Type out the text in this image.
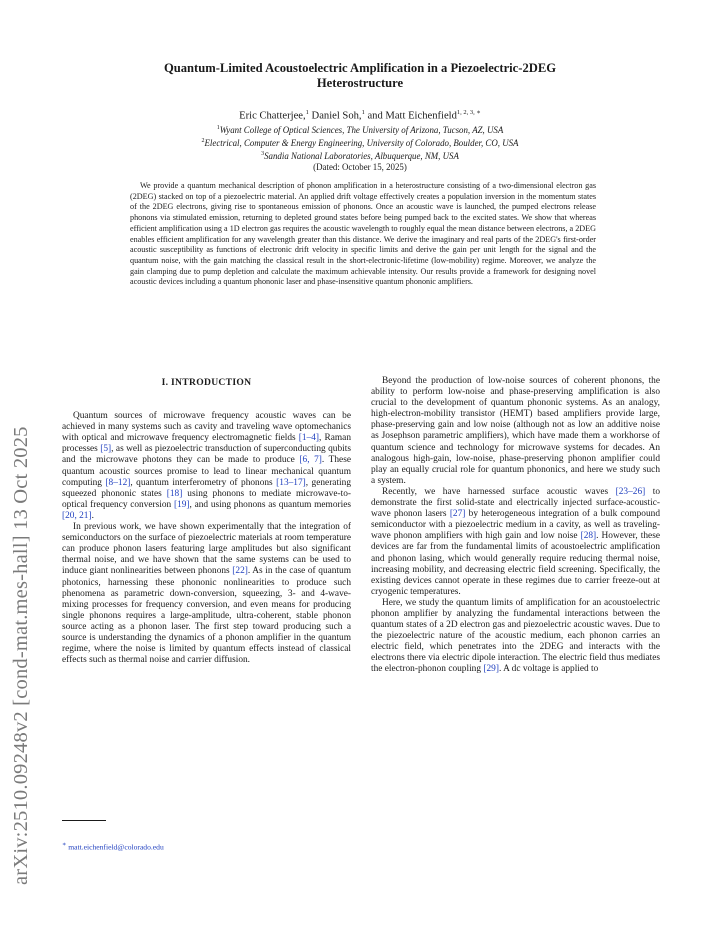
arXiv:2510.09248v2 [cond-mat.mes-hall] 13 Oct 2025
Quantum-Limited Acoustoelectric Amplification in a Piezoelectric-2DEG
Heterostructure
Eric Chatterjee,$^1$ Daniel Soh,$^1$ and Matt Eichenfield$^{1, 2, 3, ∗}$
$^1$Wyant College of Optical Sciences, The University of Arizona, Tucson, AZ, USA
$^2$Electrical, Computer & Energy Engineering, University of Colorado, Boulder, CO, USA
$^3$Sandia National Laboratories, Albuquerque, NM, USA
(Dated: October 15, 2025)

We provide a quantum mechanical description of phonon amplification in a heterostructure consisting of a two-dimensional electron gas (2DEG) stacked on top of a piezoelectric material. An applied drift voltage effectively creates a population inversion in the momentum states of the 2DEG electrons, giving rise to spontaneous emission of phonons. Once an acoustic wave is launched, the pumped electrons release phonons via stimulated emission, returning to depleted ground states before being pumped back to the excited states. We show that whereas efficient amplification using a 1D electron gas requires the acoustic wavelength to roughly equal the mean distance between electrons, a 2DEG enables efficient amplification for any wavelength greater than this distance. We derive the imaginary and real parts of the 2DEG's first-order acoustic susceptibility as functions of electronic drift velocity in specific limits and derive the gain per unit length for the signal and the quantum noise, with the gain matching the classical result in the short-electronic-lifetime (low-mobility) regime. Moreover, we analyze the gain clamping due to pump depletion and calculate the maximum achievable intensity. Our results provide a framework for designing novel acoustic devices including a quantum phononic laser and phase-insensitive quantum phononic amplifiers.

I. INTRODUCTION

Quantum sources of microwave frequency acoustic waves can be achieved in many systems such as cavity and traveling wave optomechanics with optical and microwave frequency electromagnetic fields [1–4], Raman processes [5], as well as piezoelectric transduction of superconducting qubits and the microwave photons they can be made to produce [6, 7]. These quantum acoustic sources promise to lead to linear mechanical quantum computing [8–12], quantum interferometry of phonons [13–17], generating squeezed phononic states [18] using phonons to mediate microwave-to-optical frequency conversion [19], and using phonons as quantum memories [20, 21].

In previous work, we have shown experimentally that the integration of semiconductors on the surface of piezoelectric materials at room temperature can produce phonon lasers featuring large amplitudes but also significant thermal noise, and we have shown that the same systems can be used to induce giant nonlinearities between phonons [22]. As in the case of quantum photonics, harnessing these phononic nonlinearities to produce such phenomena as parametric down-conversion, squeezing, 3- and 4-wave-mixing processes for frequency conversion, and even means for producing single phonons requires a large-amplitude, ultra-coherent, stable phonon source acting as a phonon laser. The first step toward producing such a source is understanding the dynamics of a phonon amplifier in the quantum regime, where the noise is limited by quantum effects instead of classical effects such as thermal noise and carrier diffusion.

Beyond the production of low-noise sources of coherent phonons, the ability to perform low-noise and phase-preserving amplification is also crucial to the development of quantum phononic systems. As an analogy, high-electron-mobility transistor (HEMT) based amplifiers provide large, phase-preserving gain and low noise (although not as low an additive noise as Josephson parametric amplifiers), which have made them a workhorse of quantum science and technology for microwave systems for decades. An analogous high-gain, low-noise, phase-preserving phonon amplifier could play an equally crucial role for quantum phononics, and here we study such a system.

Recently, we have harnessed surface acoustic waves [23–26] to demonstrate the first solid-state and electrically injected surface-acoustic-wave phonon lasers [27] by heterogeneous integration of a bulk compound semiconductor with a piezoelectric medium in a cavity, as well as traveling-wave phonon amplifiers with high gain and low noise [28]. However, these devices are far from the fundamental limits of acoustoelectric amplification and phonon lasing, which would generally require reducing thermal noise, increasing mobility, and decreasing electric field screening. Specifically, the existing devices cannot operate in these regimes due to carrier freeze-out at cryogenic temperatures.

Here, we study the quantum limits of amplification for an acoustoelectric phonon amplifier by analyzing the fundamental interactions between the quantum states of a 2D electron gas and piezoelectric acoustic waves. Due to the piezoelectric nature of the acoustic medium, each phonon carries an electric field, which penetrates into the 2DEG and interacts with the electrons there via electric dipole interaction. The electric field thus mediates the electron-phonon coupling [29]. A dc voltage is applied to

∗ matt.eichenfield@colorado.edu
